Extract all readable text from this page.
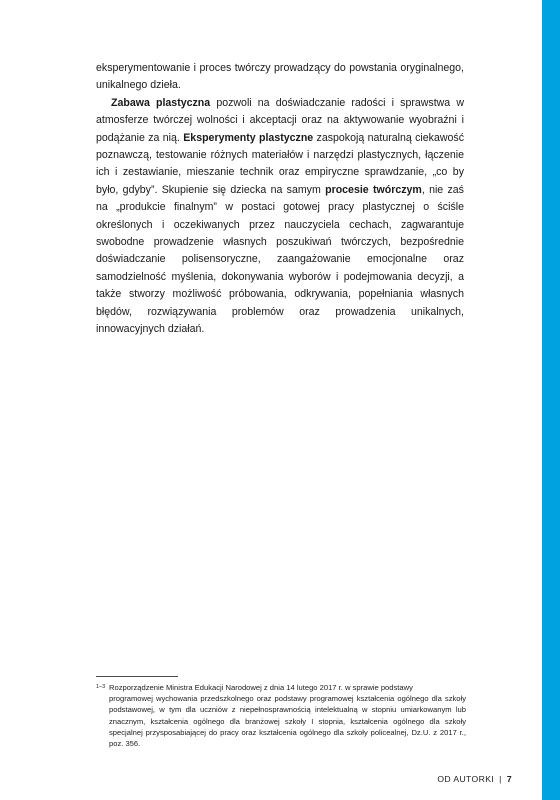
eksperymentowanie i proces twórczy prowadzący do powstania oryginalnego, unikalnego dzieła.

Zabawa plastyczna pozwoli na doświadczanie radości i sprawstwa w atmosferze twórczej wolności i akceptacji oraz na aktywowanie wyobraźni i podążanie za nią. Eksperymenty plastyczne zaspokoją naturalną ciekawość poznawczą, testowanie różnych materiałów i narzędzi plastycznych, łączenie ich i zestawianie, mieszanie technik oraz empiryczne sprawdzanie, „co by było, gdyby”. Skupienie się dziecka na samym procesie twórczym, nie zaś na „produkcie finalnym” w postaci gotowej pracy plastycznej o ściśle określonych i oczekiwanych przez nauczyciela cechach, zagwarantuje swobodne prowadzenie własnych poszukiwań twórczych, bezpośrednie doświadczanie polisensoryczne, zaangażowanie emocjonalne oraz samodzielność myślenia, dokonywania wyborów i podejmowania decyzji, a także stworzy możliwość próbowania, odkrywania, popełniania własnych błędów, rozwiązywania problemów oraz prowadzenia unikalnych, innowacyjnych działań.

1–3 Rozporządzenie Ministra Edukacji Narodowej z dnia 14 lutego 2017 r. w sprawie podstawy
programowej wychowania przedszkolnego oraz podstawy programowej kształcenia ogólnego dla szkoły podstawowej, w tym dla uczniów z niepełnosprawnością intelektualną w stopniu umiarkowanym lub znacznym, kształcenia ogólnego dla branżowej szkoły I stopnia, kształcenia ogólnego dla szkoły specjalnej przysposabiającej do pracy oraz kształcenia ogólnego dla szkoły policealnej, Dz.U. z 2017 r., poz. 356.
OD AUTORKI | 7
